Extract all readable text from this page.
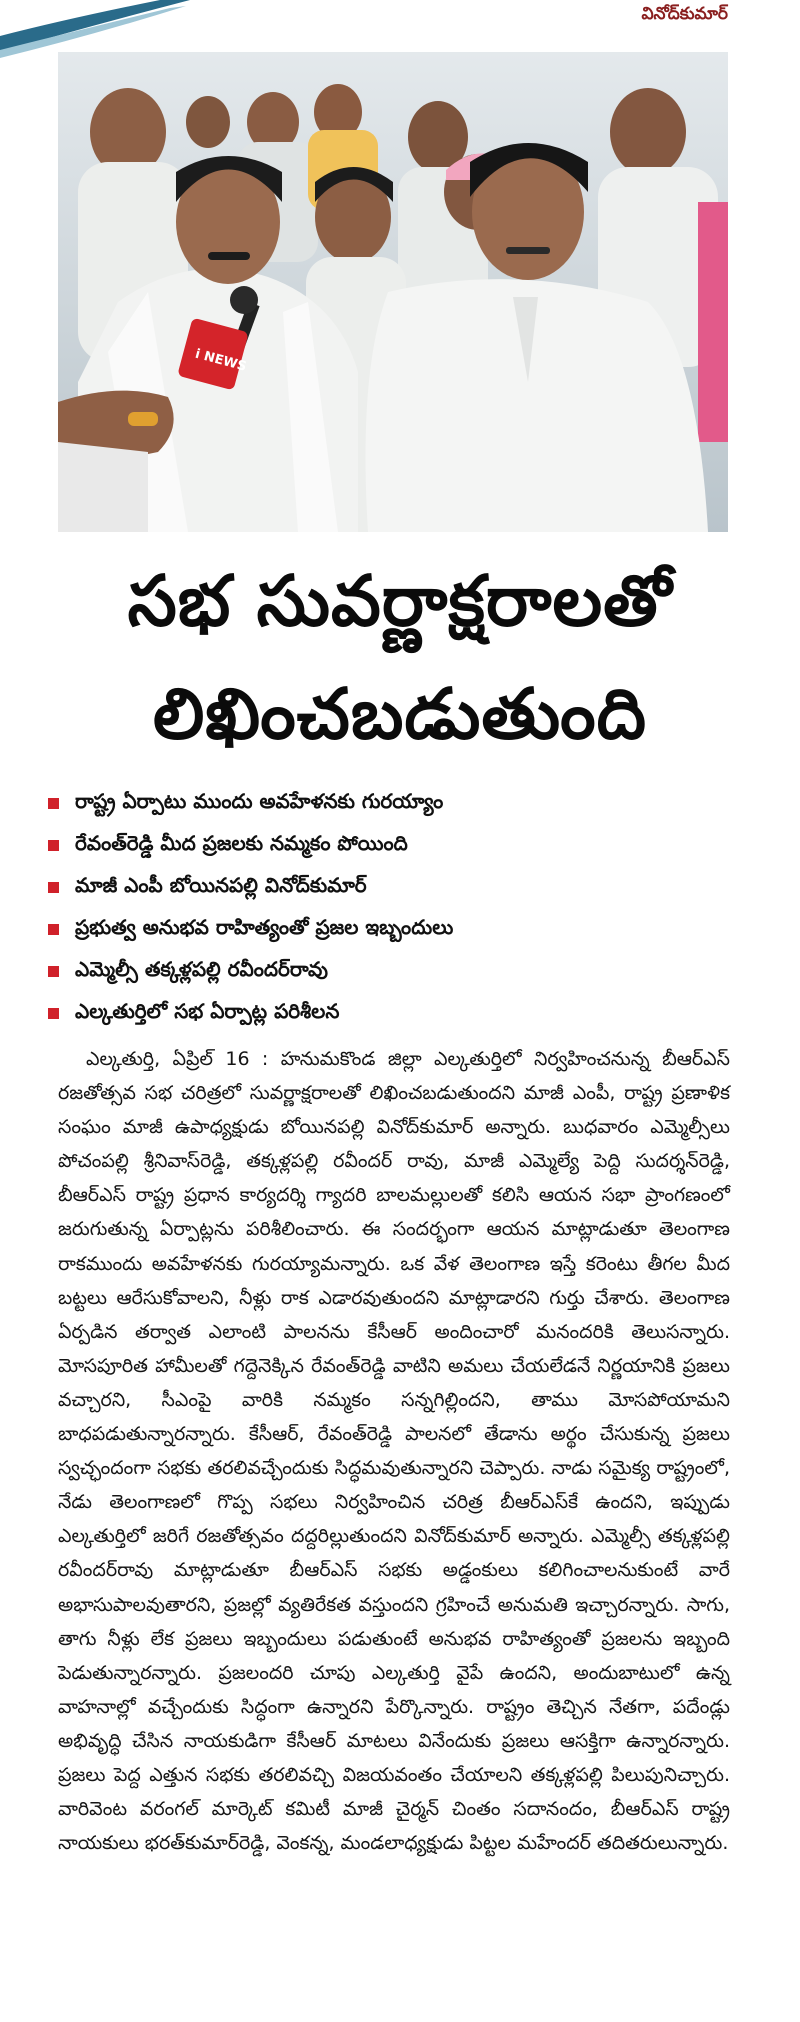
వినోద్‌కుమార్
i NEWS
సభ సువర్ణాక్షరాలతో
లిఖించబడుతుంది
రాష్ట్ర ఏర్పాటు ముందు అవహేళనకు గురయ్యాం
రేవంత్‌రెడ్డి మీద ప్రజలకు నమ్మకం పోయింది
మాజీ ఎంపీ బోయినపల్లి వినోద్‌కుమార్
ప్రభుత్వ అనుభవ రాహిత్యంతో ప్రజల ఇబ్బందులు
ఎమ్మెల్సీ తక్కళ్లపల్లి రవీందర్‌రావు
ఎల్కతుర్తిలో సభ ఏర్పాట్ల పరిశీలన

ఎల్కతుర్తి, ఏప్రిల్ 16 : హనుమకొండ జిల్లా ఎల్కతుర్తిలో నిర్వహించనున్న బీఆర్ఎస్ రజతోత్సవ సభ చరిత్రలో సువర్ణాక్షరాలతో లిఖించబడుతుందని మాజీ ఎంపీ, రాష్ట్ర ప్రణాళిక సంఘం మాజీ ఉపాధ్యక్షుడు బోయినపల్లి వినోద్‌కుమార్ అన్నారు. బుధవారం ఎమ్మెల్సీలు పోచంపల్లి శ్రీనివాస్‌రెడ్డి, తక్కళ్లపల్లి రవీందర్ రావు, మాజీ ఎమ్మెల్యే పెద్ది సుదర్శన్‌రెడ్డి, బీఆర్ఎస్ రాష్ట్ర ప్రధాన కార్యదర్శి గ్యాదరి బాలమల్లులతో కలిసి ఆయన సభా ప్రాంగణంలో జరుగుతున్న ఏర్పాట్లను పరిశీలించారు. ఈ సందర్భంగా ఆయన మాట్లాడుతూ తెలంగాణ రాకముందు అవహేళనకు గురయ్యామన్నారు. ఒక వేళ తెలంగాణ ఇస్తే కరెంటు తీగల మీద బట్టలు ఆరేసుకోవాలని, నీళ్లు రాక ఎడారవుతుందని మాట్లాడారని గుర్తు చేశారు. తెలంగాణ ఏర్పడిన తర్వాత ఎలాంటి పాలనను కేసీఆర్ అందించారో మనందరికి తెలుసన్నారు. మోసపూరిత హామీలతో గద్దెనెక్కిన రేవంత్‌రెడ్డి వాటిని అమలు చేయలేడనే నిర్ణయానికి ప్రజలు వచ్చారని, సీఎంపై వారికి నమ్మకం సన్నగిల్లిందని, తాము మోసపోయామని బాధపడుతున్నారన్నారు. కేసీఆర్, రేవంత్‌రెడ్డి పాలనలో తేడాను అర్థం చేసుకున్న ప్రజలు స్వచ్ఛందంగా సభకు తరలివచ్చేందుకు సిద్ధమవుతున్నారని చెప్పారు. నాడు సమైక్య రాష్ట్రంలో, నేడు తెలంగాణలో గొప్ప సభలు నిర్వహించిన చరిత్ర బీఆర్ఎస్‌కే ఉందని, ఇప్పుడు ఎల్కతుర్తిలో జరిగే రజతోత్సవం దద్దరిల్లుతుందని వినోద్‌కుమార్ అన్నారు. ఎమ్మెల్సీ తక్కళ్లపల్లి రవీందర్‌రావు మాట్లాడుతూ బీఆర్ఎస్ సభకు అడ్డంకులు కలిగించాలనుకుంటే వారే అభాసుపాలవుతారని, ప్రజల్లో వ్యతిరేకత వస్తుందని గ్రహించే అనుమతి ఇచ్చారన్నారు. సాగు, తాగు నీళ్లు లేక ప్రజలు ఇబ్బందులు పడుతుంటే అనుభవ రాహిత్యంతో ప్రజలను ఇబ్బంది పెడుతున్నారన్నారు. ప్రజలందరి చూపు ఎల్కతుర్తి వైపే ఉందని, అందుబాటులో ఉన్న వాహనాల్లో వచ్చేందుకు సిద్ధంగా ఉన్నారని పేర్కొన్నారు. రాష్ట్రం తెచ్చిన నేతగా, పదేండ్లు అభివృద్ధి చేసిన నాయకుడిగా కేసీఆర్ మాటలు వినేందుకు ప్రజలు ఆసక్తిగా ఉన్నారన్నారు. ప్రజలు పెద్ద ఎత్తున సభకు తరలివచ్చి విజయవంతం చేయాలని తక్కళ్లపల్లి పిలుపునిచ్చారు. వారివెంట వరంగల్ మార్కెట్ కమిటీ మాజీ చైర్మన్ చింతం సదానందం, బీఆర్ఎస్ రాష్ట్ర నాయకులు భరత్‌కుమార్‌రెడ్డి, వెంకన్న, మండలాధ్యక్షుడు పిట్టల మహేందర్ తదితరులున్నారు.
